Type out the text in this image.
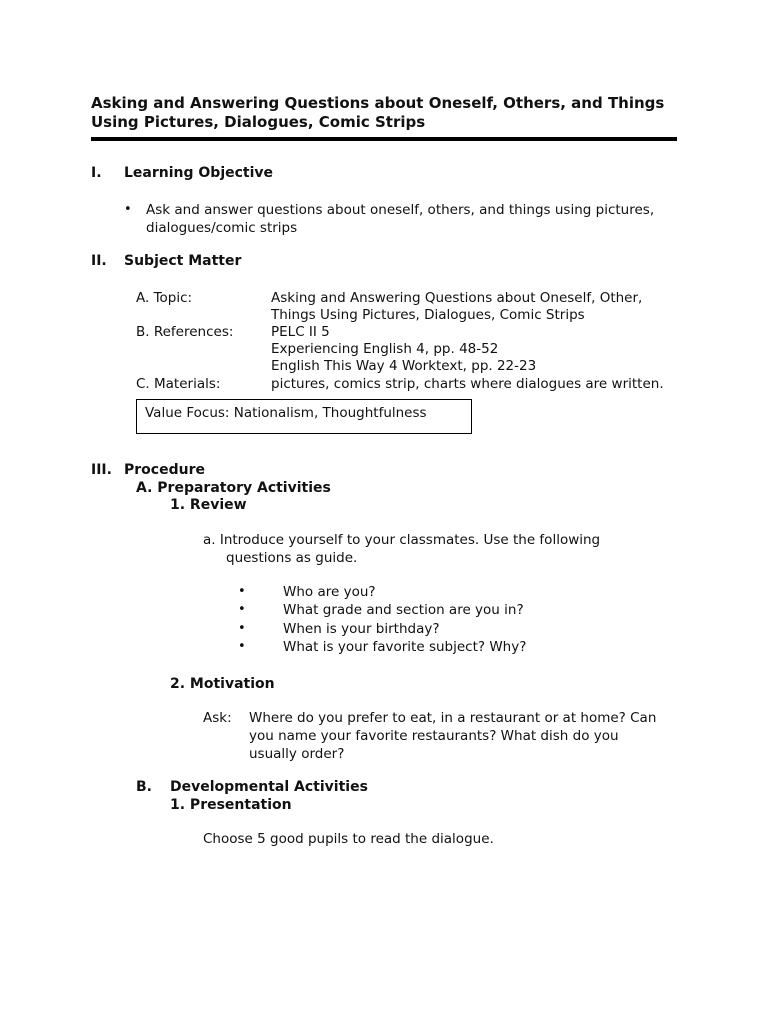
Asking and Answering Questions about Oneself, Others, and Things
Using Pictures, Dialogues, Comic Strips
I. Learning Objective
• Ask and answer questions about oneself, others, and things using pictures,
dialogues/comic strips
II. Subject Matter
A. Topic:	Asking and Answering Questions about Oneself, Other,
Things Using Pictures, Dialogues, Comic Strips
B. References:	PELC II 5
Experiencing English 4, pp. 48-52
English This Way 4 Worktext, pp. 22-23
C. Materials:	pictures, comics strip, charts where dialogues are written.
Value Focus: Nationalism, Thoughtfulness
III. Procedure
A. Preparatory Activities
1. Review
a. Introduce yourself to your classmates. Use the following
questions as guide.
•	Who are you?
•	What grade and section are you in?
•	When is your birthday?
•	What is your favorite subject? Why?
2. Motivation
Ask: Where do you prefer to eat, in a restaurant or at home? Can
you name your favorite restaurants? What dish do you
usually order?
B. Developmental Activities
1. Presentation
Choose 5 good pupils to read the dialogue.
